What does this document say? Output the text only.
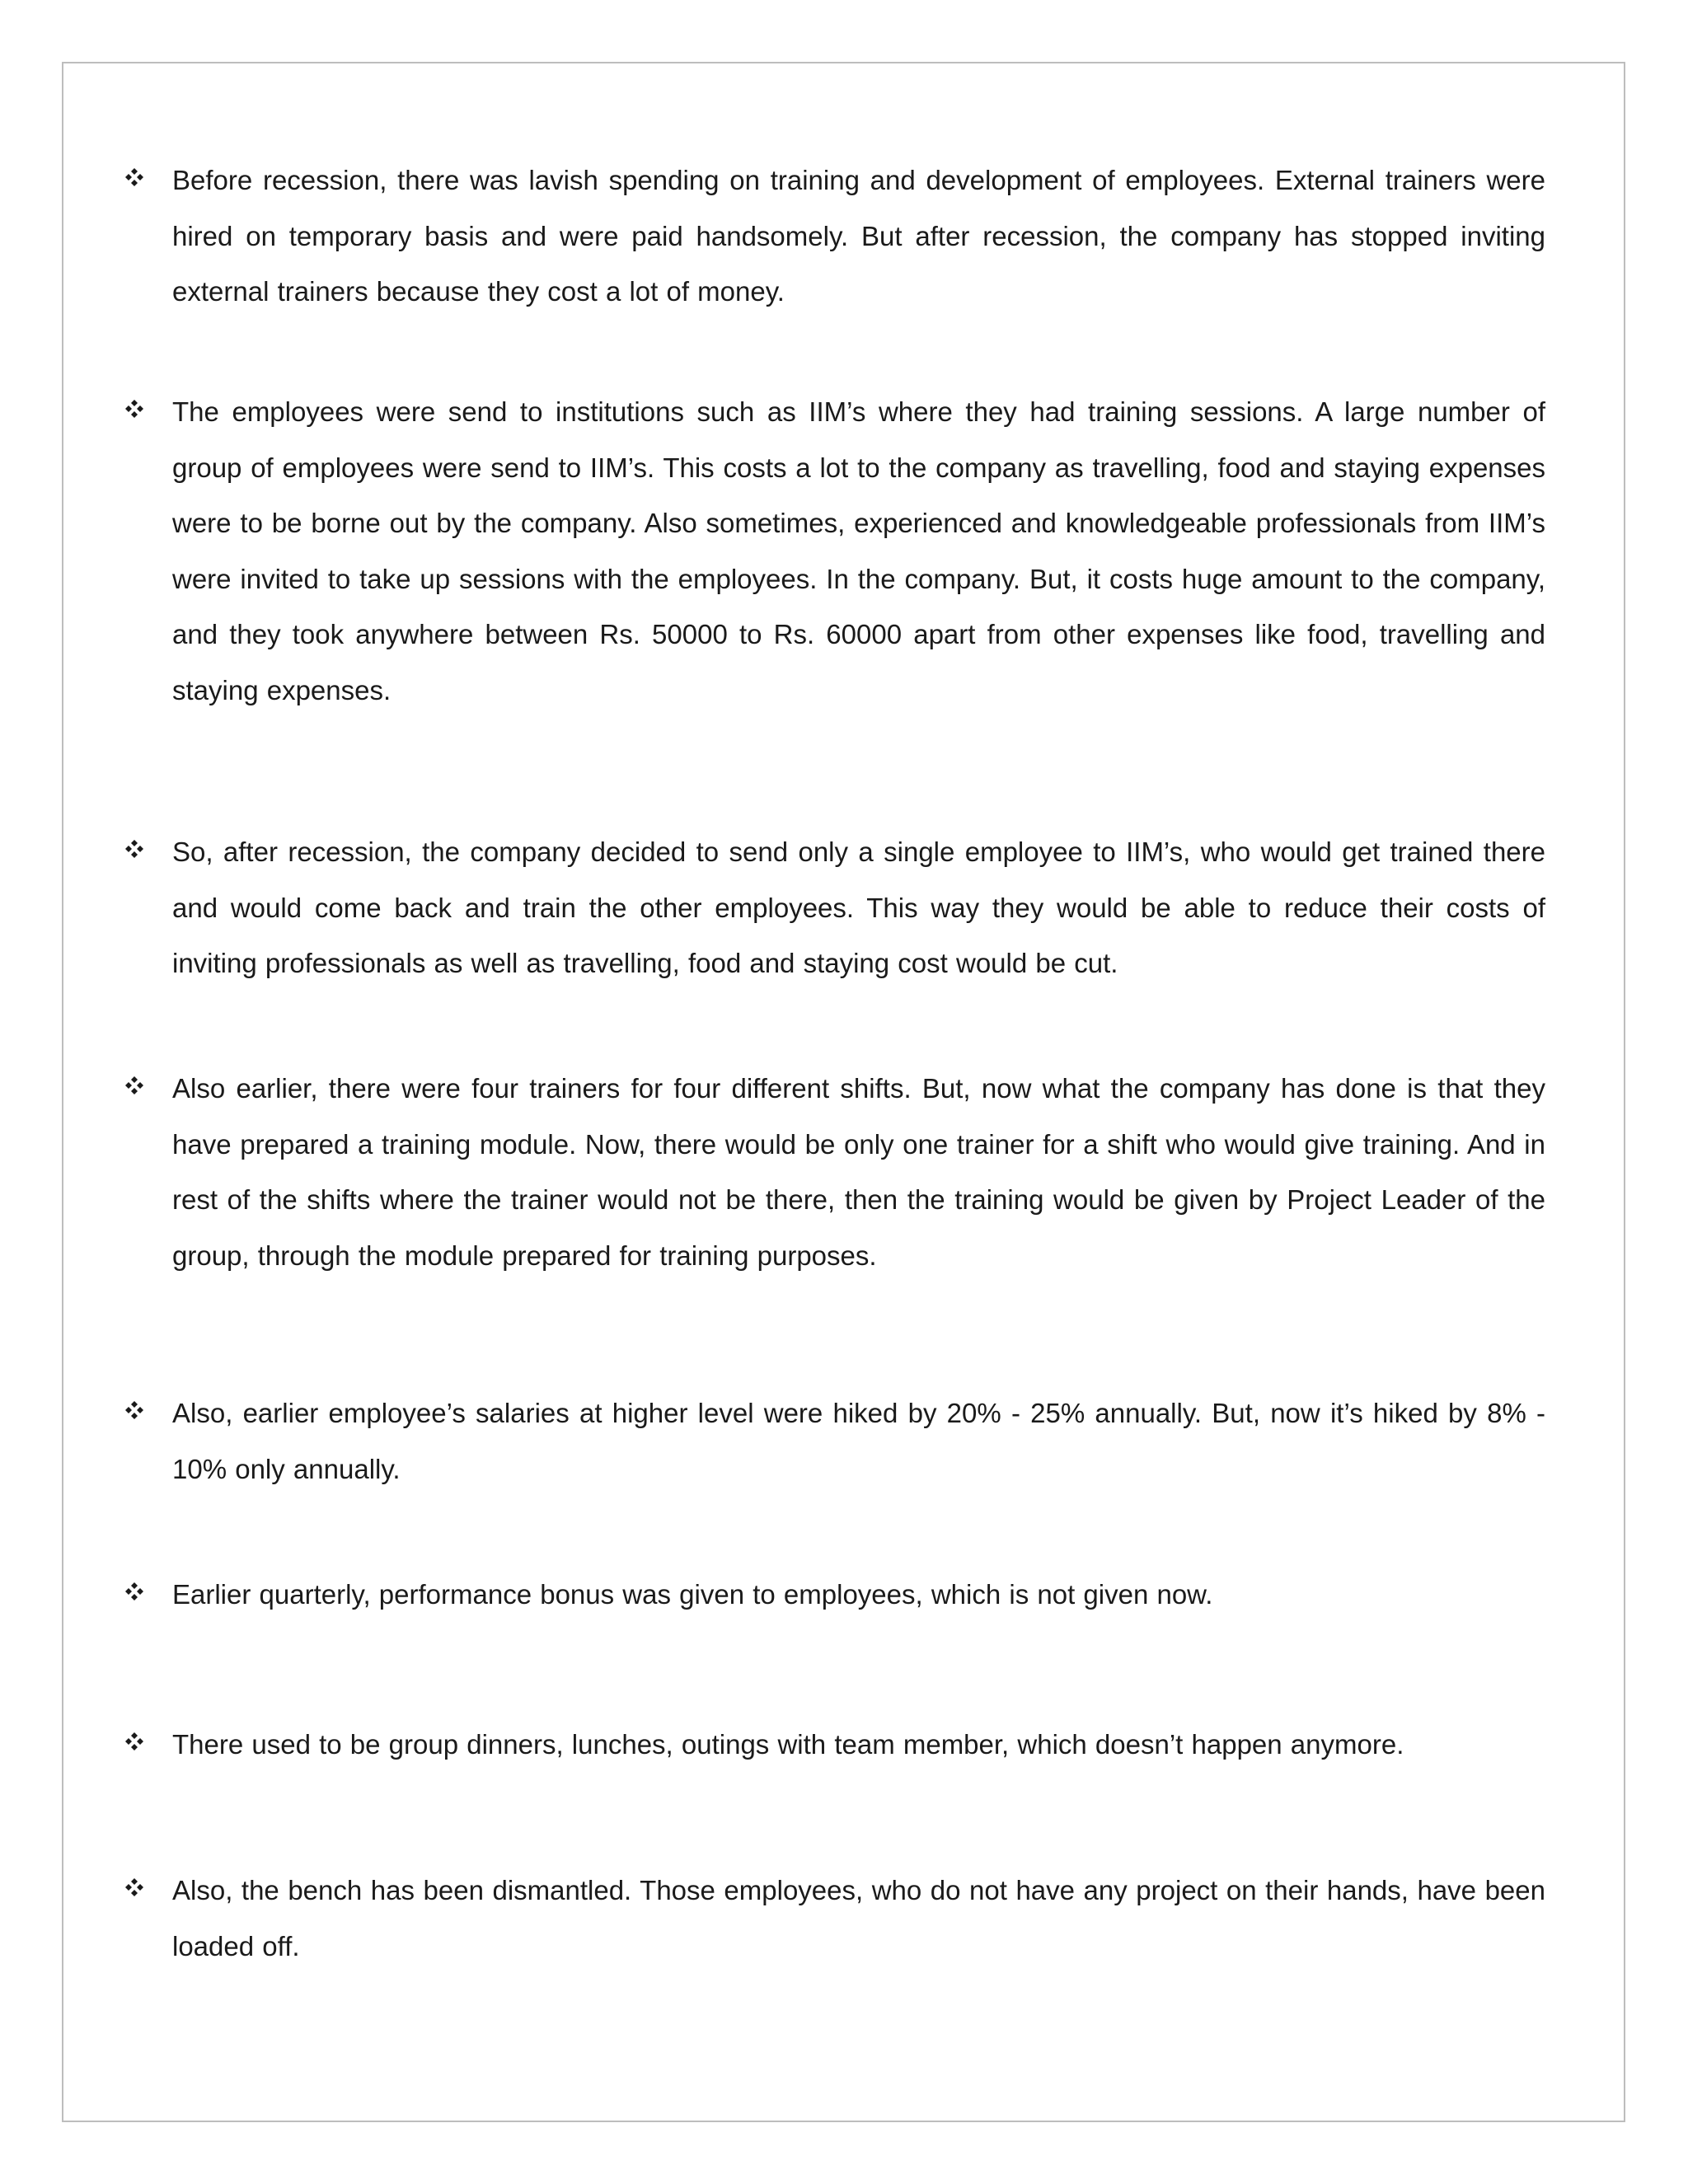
Before recession, there was lavish spending on training and development of employees. External trainers were hired on temporary basis and were paid handsomely. But after recession, the company has stopped inviting external trainers because they cost a lot of money.

The employees were send to institutions such as IIM’s where they had training sessions. A large number of group of employees were send to IIM’s. This costs a lot to the company as travelling, food and staying expenses were to be borne out by the company. Also sometimes, experienced and knowledgeable professionals from IIM’s were invited to take up sessions with the employees. In the company. But, it costs huge amount to the company, and they took anywhere between Rs. 50000 to Rs. 60000 apart from other expenses like food, travelling and staying expenses.

So, after recession, the company decided to send only a single employee to IIM’s, who would get trained there and would come back and train the other employees. This way they would be able to reduce their costs of inviting professionals as well as travelling, food and staying cost would be cut.

Also earlier, there were four trainers for four different shifts. But, now what the company has done is that they have prepared a training module. Now, there would be only one trainer for a shift who would give training. And in rest of the shifts where the trainer would not be there, then the training would be given by Project Leader of the group, through the module prepared for training purposes.

Also, earlier employee’s salaries at higher level were hiked by 20% - 25% annually. But, now it’s hiked by 8% - 10% only annually.

Earlier quarterly, performance bonus was given to employees, which is not given now.

There used to be group dinners, lunches, outings with team member, which doesn’t happen anymore.

Also, the bench has been dismantled. Those employees, who do not have any project on their hands, have been loaded off.
